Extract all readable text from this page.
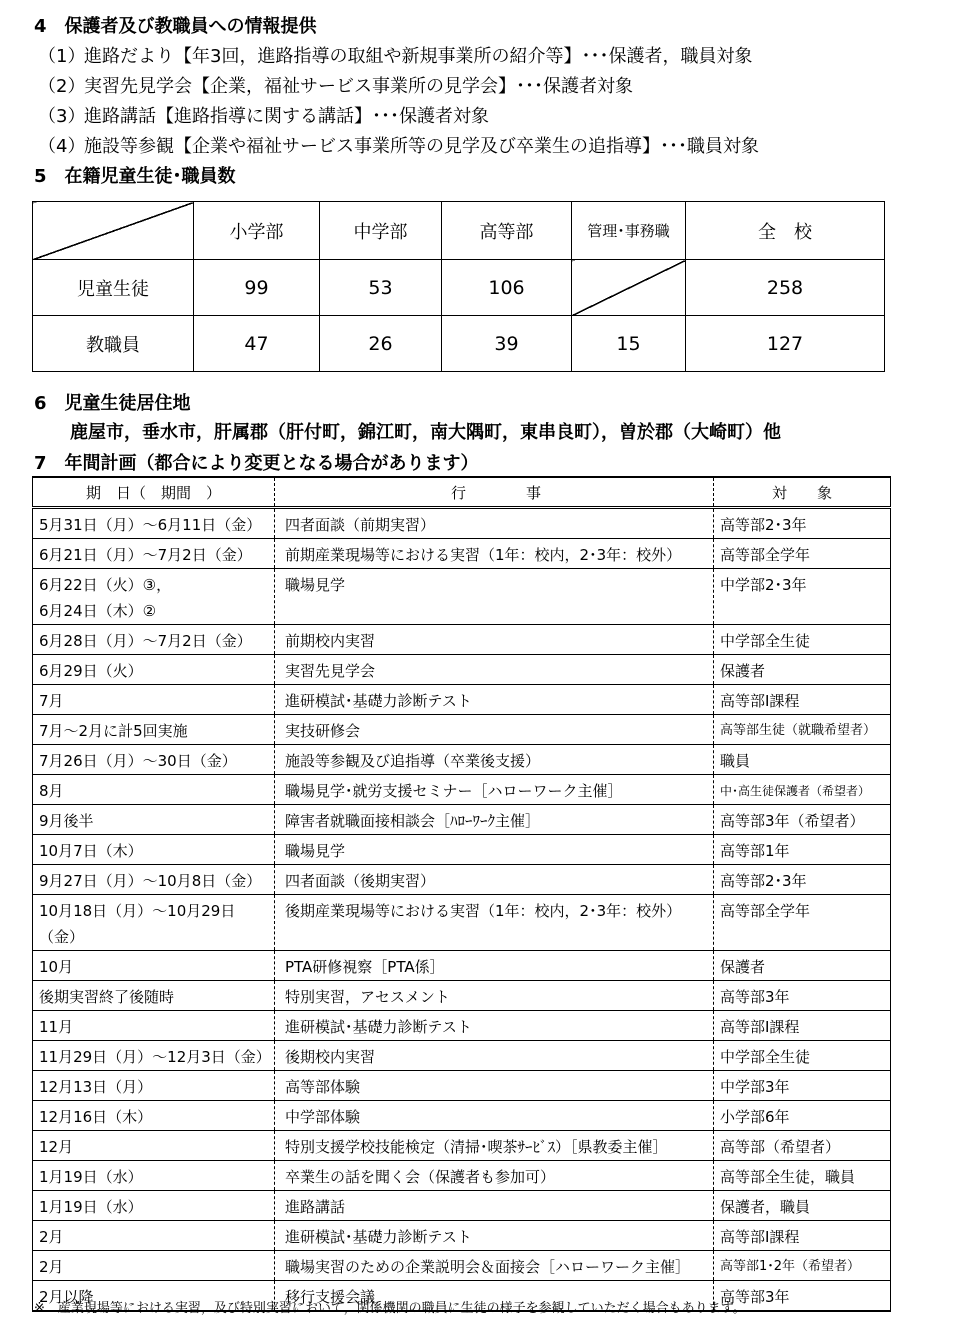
4　保護者及び教職員への情報提供
（1）進路だより【年3回，進路指導の取組や新規事業所の紹介等】･･･保護者，職員対象
（2）実習先見学会【企業，福祉サービス事業所の見学会】･･･保護者対象
（3）進路講話【進路指導に関する講話】･･･保護者対象
（4）施設等参観【企業や福祉サービス事業所等の見学及び卒業生の追指導】･･･職員対象
5　在籍児童生徒･職員数
	小学部	中学部	高等部	管理･事務職	全　校
児童生徒	99	53	106		258
教職員	47	26	39	15	127
6　児童生徒居住地
鹿屋市，垂水市，肝属郡（肝付町，錦江町，南大隅町，東串良町），曽於郡（大崎町）他
7　年間計画（都合により変更となる場合があります）
期　日（　期間　）	行　　　　事	対　　象
5月31日（月）～6月11日（金）	四者面談（前期実習）	高等部2･3年
6月21日（月）～7月2日（金）	前期産業現場等における実習（1年：校内，2･3年：校外）	高等部全学年
6月22日（火）③，
6月24日（木）②	職場見学	中学部2･3年
6月28日（月）～7月2日（金）	前期校内実習	中学部全生徒
6月29日（火）	実習先見学会	保護者
7月	進研模試･基礎力診断テスト	高等部Ⅰ課程
7月～2月に計5回実施	実技研修会	高等部生徒（就職希望者）
7月26日（月）～30日（金）	施設等参観及び追指導（卒業後支援）	職員
8月	職場見学･就労支援セミナー［ハローワーク主催］	中･高生徒保護者（希望者）
9月後半	障害者就職面接相談会［ﾊﾛｰﾜｰｸ主催］	高等部3年（希望者）
10月7日（木）	職場見学	高等部1年
9月27日（月）～10月8日（金）	四者面談（後期実習）	高等部2･3年
10月18日（月）～10月29日（金）	後期産業現場等における実習（1年：校内，2･3年：校外）	高等部全学年
10月	PTA研修視察［PTA係］	保護者
後期実習終了後随時	特別実習，アセスメント	高等部3年
11月	進研模試･基礎力診断テスト	高等部Ⅰ課程
11月29日（月）～12月3日（金）	後期校内実習	中学部全生徒
12月13日（月）	高等部体験	中学部3年
12月16日（木）	中学部体験	小学部6年
12月	特別支援学校技能検定（清掃･喫茶ｻｰﾋﾞｽ）［県教委主催］	高等部（希望者）
1月19日（水）	卒業生の話を聞く会（保護者も参加可）	高等部全生徒，職員
1月19日（水）	進路講話	保護者，職員
2月	進研模試･基礎力診断テスト	高等部Ⅰ課程
2月	職場実習のための企業説明会＆面接会［ハローワーク主催］	高等部1･2年（希望者）
2月以降	移行支援会議	高等部3年
※　産業現場等における実習，及び特別実習において，関係機関の職員に生徒の様子を参観していただく場合もあります。
